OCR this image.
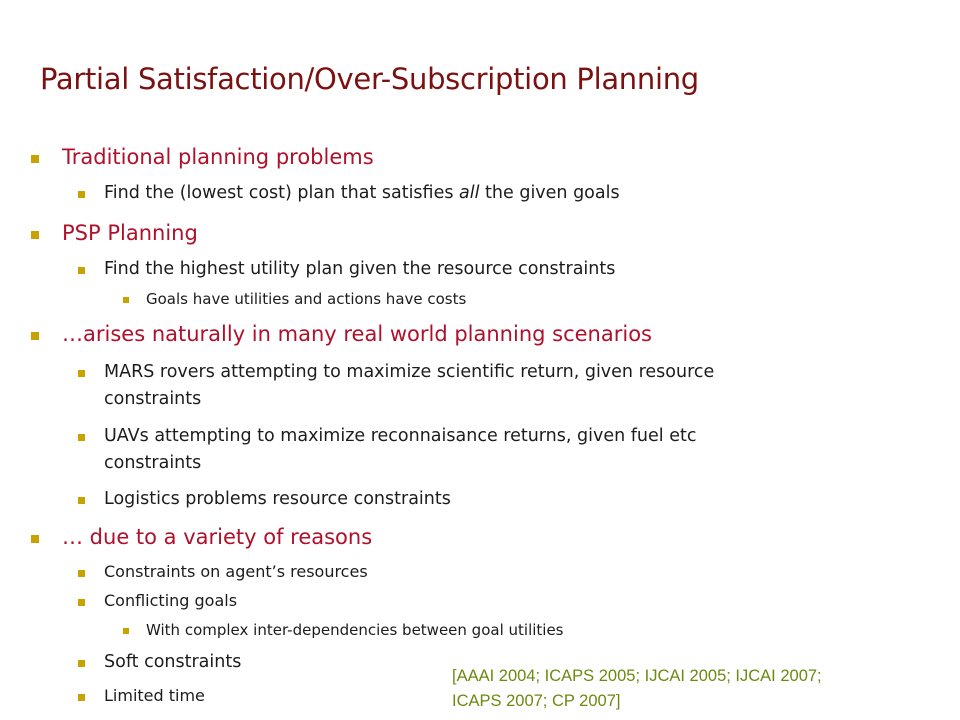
Partial Satisfaction/Over-Subscription Planning
Traditional planning problems
Find the (lowest cost) plan that satisfies all the given goals
PSP Planning
Find the highest utility plan given the resource constraints
Goals have utilities and actions have costs
…arises naturally in many real world planning scenarios
MARS rovers attempting to maximize scientific return, given resource
constraints
UAVs attempting to maximize reconnaisance returns, given fuel etc
constraints
Logistics problems resource constraints
… due to a variety of reasons
Constraints on agent’s resources
Conflicting goals
With complex inter-dependencies between goal utilities
Soft constraints
Limited time
[AAAI 2004; ICAPS 2005; IJCAI 2005; IJCAI 2007;
ICAPS 2007; CP 2007]
